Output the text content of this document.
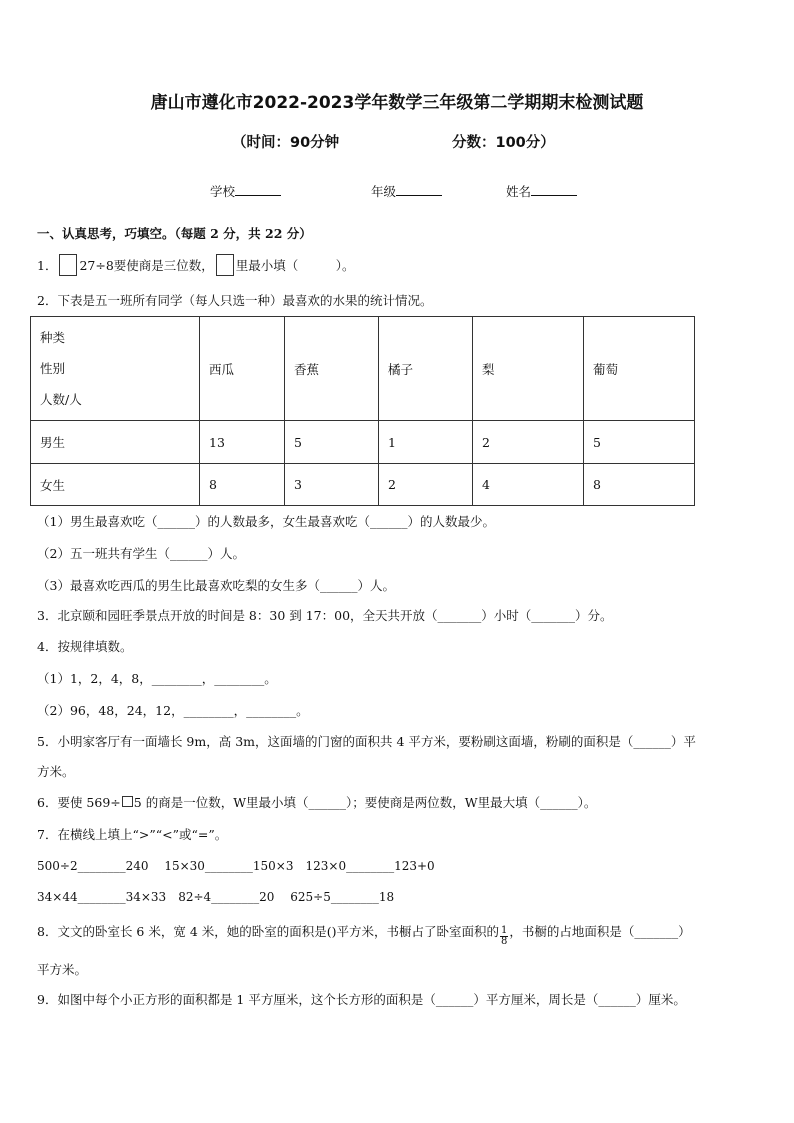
唐山市遵化市2022-2023学年数学三年级第二学期期末检测试题
（时间：90分钟	分数：100分）
学校	年级	姓名
一、认真思考，巧填空。（每题 2 分，共 22 分）
1． 27÷8要使商是三位数， 里最小填（　　　）。
2．下表是五一班所有同学（每人只选一种）最喜欢的水果的统计情况。
种类
性别
人数/人	西瓜	香蕉	橘子	梨	葡萄
男生	13	5	1	2	5
女生	8	3	2	4	8
（1）男生最喜欢吃（______）的人数最多，女生最喜欢吃（______）的人数最少。
（2）五一班共有学生（______）人。
（3）最喜欢吃西瓜的男生比最喜欢吃梨的女生多（______）人。
3．北京颐和园旺季景点开放的时间是 8：30 到 17：00，全天共开放（_______）小时（_______）分。
4．按规律填数。
（1）1，2，4，8，________，________。
（2）96，48，24，12，________，________。
5．小明家客厅有一面墙长 9m，高 3m，这面墙的门窗的面积共 4 平方米，要粉刷这面墙，粉刷的面积是（______）平
方米。
6．要使 569÷ 5 的商是一位数，W里最小填（______）；要使商是两位数，W里最大填（______）。
7．在横线上填上“>”“<”或“=”。
500÷2________240　 15×30________150×3　123×0________123+0
34×44________34×33　82÷4________20　 625÷5________18
8．文文的卧室长 6 米，宽 4 米，她的卧室的面积是()平方米，书橱占了卧室面积的 $\frac{1}{8}$ ，书橱的占地面积是（_______）
平方米。
9．如图中每个小正方形的面积都是 1 平方厘米，这个长方形的面积是（______）平方厘米，周长是（______）厘米。
